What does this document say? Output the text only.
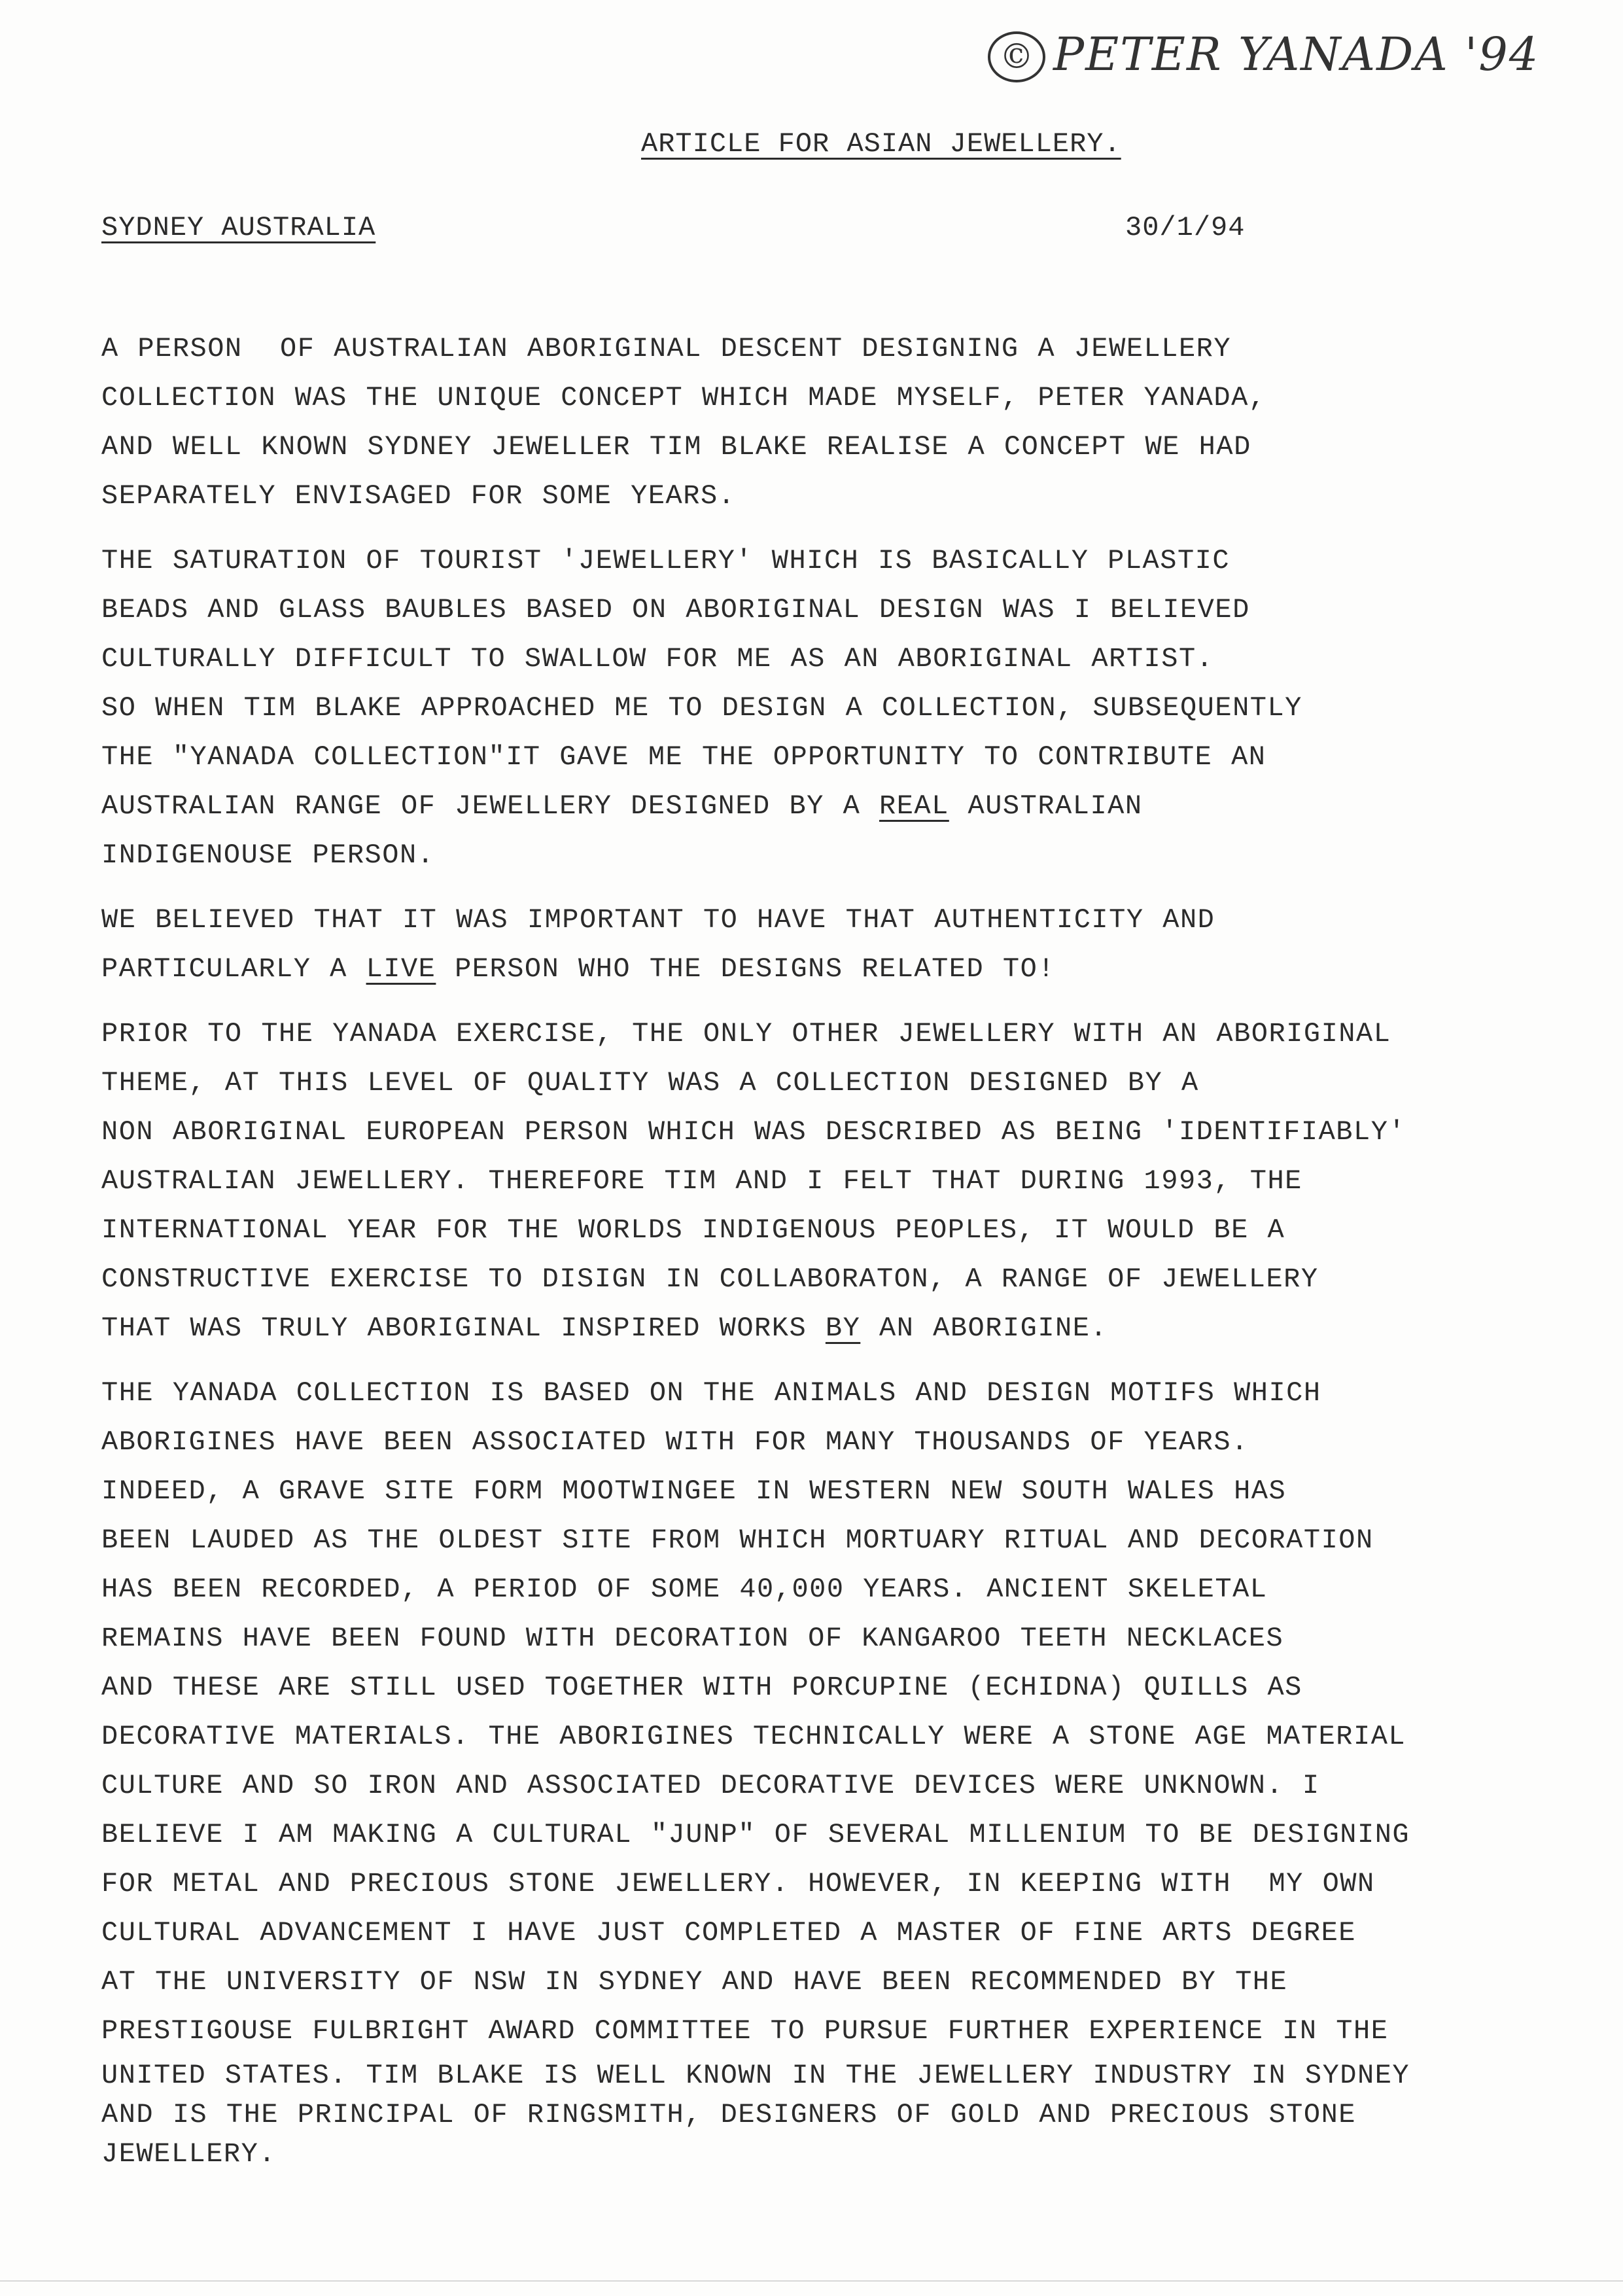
© PETER YANADA '94
ARTICLE FOR ASIAN JEWELLERY.
SYDNEY AUSTRALIA	30/1/94
A PERSON  OF AUSTRALIAN ABORIGINAL DESCENT DESIGNING A JEWELLERY
COLLECTION WAS THE UNIQUE CONCEPT WHICH MADE MYSELF, PETER YANADA,
AND WELL KNOWN SYDNEY JEWELLER TIM BLAKE REALISE A CONCEPT WE HAD
SEPARATELY ENVISAGED FOR SOME YEARS.
THE SATURATION OF TOURIST 'JEWELLERY' WHICH IS BASICALLY PLASTIC
BEADS AND GLASS BAUBLES BASED ON ABORIGINAL DESIGN WAS I BELIEVED
CULTURALLY DIFFICULT TO SWALLOW FOR ME AS AN ABORIGINAL ARTIST.
SO WHEN TIM BLAKE APPROACHED ME TO DESIGN A COLLECTION, SUBSEQUENTLY
THE "YANADA COLLECTION"IT GAVE ME THE OPPORTUNITY TO CONTRIBUTE AN
AUSTRALIAN RANGE OF JEWELLERY DESIGNED BY A REAL AUSTRALIAN
INDIGENOUSE PERSON.
WE BELIEVED THAT IT WAS IMPORTANT TO HAVE THAT AUTHENTICITY AND
PARTICULARLY A LIVE PERSON WHO THE DESIGNS RELATED TO!
PRIOR TO THE YANADA EXERCISE, THE ONLY OTHER JEWELLERY WITH AN ABORIGINAL
THEME, AT THIS LEVEL OF QUALITY WAS A COLLECTION DESIGNED BY A
NON ABORIGINAL EUROPEAN PERSON WHICH WAS DESCRIBED AS BEING 'IDENTIFIABLY'
AUSTRALIAN JEWELLERY. THEREFORE TIM AND I FELT THAT DURING 1993, THE
INTERNATIONAL YEAR FOR THE WORLDS INDIGENOUS PEOPLES, IT WOULD BE A
CONSTRUCTIVE EXERCISE TO DISIGN IN COLLABORATON, A RANGE OF JEWELLERY
THAT WAS TRULY ABORIGINAL INSPIRED WORKS BY AN ABORIGINE.
THE YANADA COLLECTION IS BASED ON THE ANIMALS AND DESIGN MOTIFS WHICH
ABORIGINES HAVE BEEN ASSOCIATED WITH FOR MANY THOUSANDS OF YEARS.
INDEED, A GRAVE SITE FORM MOOTWINGEE IN WESTERN NEW SOUTH WALES HAS
BEEN LAUDED AS THE OLDEST SITE FROM WHICH MORTUARY RITUAL AND DECORATION
HAS BEEN RECORDED, A PERIOD OF SOME 40,000 YEARS. ANCIENT SKELETAL
REMAINS HAVE BEEN FOUND WITH DECORATION OF KANGAROO TEETH NECKLACES
AND THESE ARE STILL USED TOGETHER WITH PORCUPINE (ECHIDNA) QUILLS AS
DECORATIVE MATERIALS. THE ABORIGINES TECHNICALLY WERE A STONE AGE MATERIAL
CULTURE AND SO IRON AND ASSOCIATED DECORATIVE DEVICES WERE UNKNOWN. I
BELIEVE I AM MAKING A CULTURAL "JUNP" OF SEVERAL MILLENIUM TO BE DESIGNING
FOR METAL AND PRECIOUS STONE JEWELLERY. HOWEVER, IN KEEPING WITH  MY OWN
CULTURAL ADVANCEMENT I HAVE JUST COMPLETED A MASTER OF FINE ARTS DEGREE
AT THE UNIVERSITY OF NSW IN SYDNEY AND HAVE BEEN RECOMMENDED BY THE
PRESTIGOUSE FULBRIGHT AWARD COMMITTEE TO PURSUE FURTHER EXPERIENCE IN THE
UNITED STATES. TIM BLAKE IS WELL KNOWN IN THE JEWELLERY INDUSTRY IN SYDNEY
AND IS THE PRINCIPAL OF RINGSMITH, DESIGNERS OF GOLD AND PRECIOUS STONE
JEWELLERY.
